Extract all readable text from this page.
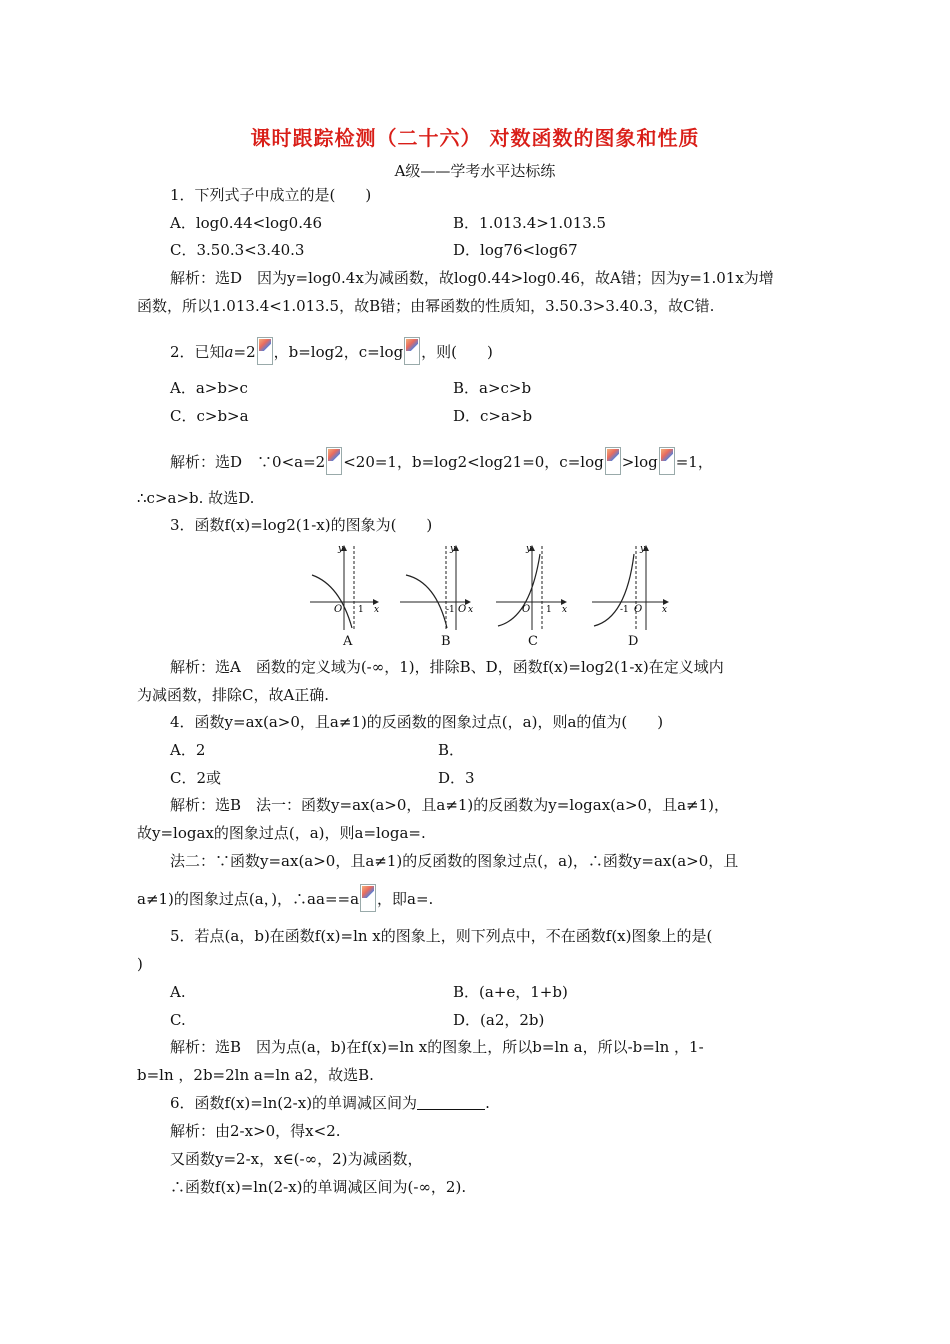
课时跟踪检测（二十六） 对数函数的图象和性质
A级——学考水平达标练
1．下列式子中成立的是(　　)
A．log0.44<log0.46	B．1.013.4>1.013.5
C．3.50.3<3.40.3	D．log76<log67
解析：选D　因为y=log0.4x为减函数，故log0.44>log0.46，故A错；因为y=1.01x为增
函数，所以1.013.4<1.013.5，故B错；由幂函数的性质知，3.50.3>3.40.3，故C错.
2．已知a=2 ，b=log2，c=log ，则(　　)
A．a>b>c	B．a>c>b
C．c>b>a	D．c>a>b
解析：选D　∵0<a=2 <20=1，b=log2<log21=0，c=log >log =1，
∴c>a>b. 故选D.
3．函数f(x)=log2(1-x)的图象为(　　)
y
O 1 x
y
-1 O x
y
O 1 x
y
-1 O x
A	B	C	D
解析：选A　函数的定义域为(-∞，1)，排除B、D，函数f(x)=log2(1-x)在定义域内
为减函数，排除C，故A正确.
4．函数y=ax(a>0，且a≠1)的反函数的图象过点(，a)，则a的值为(　　)
A．2	B．
C．2或	D．3
解析：选B　法一：函数y=ax(a>0，且a≠1)的反函数为y=logax(a>0，且a≠1)，
故y=logax的图象过点(，a)，则a=loga=.
法二：∵函数y=ax(a>0，且a≠1)的反函数的图象过点(，a)，∴函数y=ax(a>0，且
a≠1)的图象过点(a，)，∴aa==a ，即a=.
5．若点(a，b)在函数f(x)=ln x的图象上，则下列点中，不在函数f(x)图象上的是(
)
A.	B．(a+e，1+b)
C.	D．(a2，2b)
解析：选B　因为点(a，b)在f(x)=ln x的图象上，所以b=ln a，所以-b=ln ，1-
b=ln ，2b=2ln a=ln a2，故选B.
6．函数f(x)=ln(2-x)的单调减区间为	.
解析：由2-x>0，得x<2.
又函数y=2-x，x∈(-∞，2)为减函数，
∴函数f(x)=ln(2-x)的单调减区间为(-∞，2).
